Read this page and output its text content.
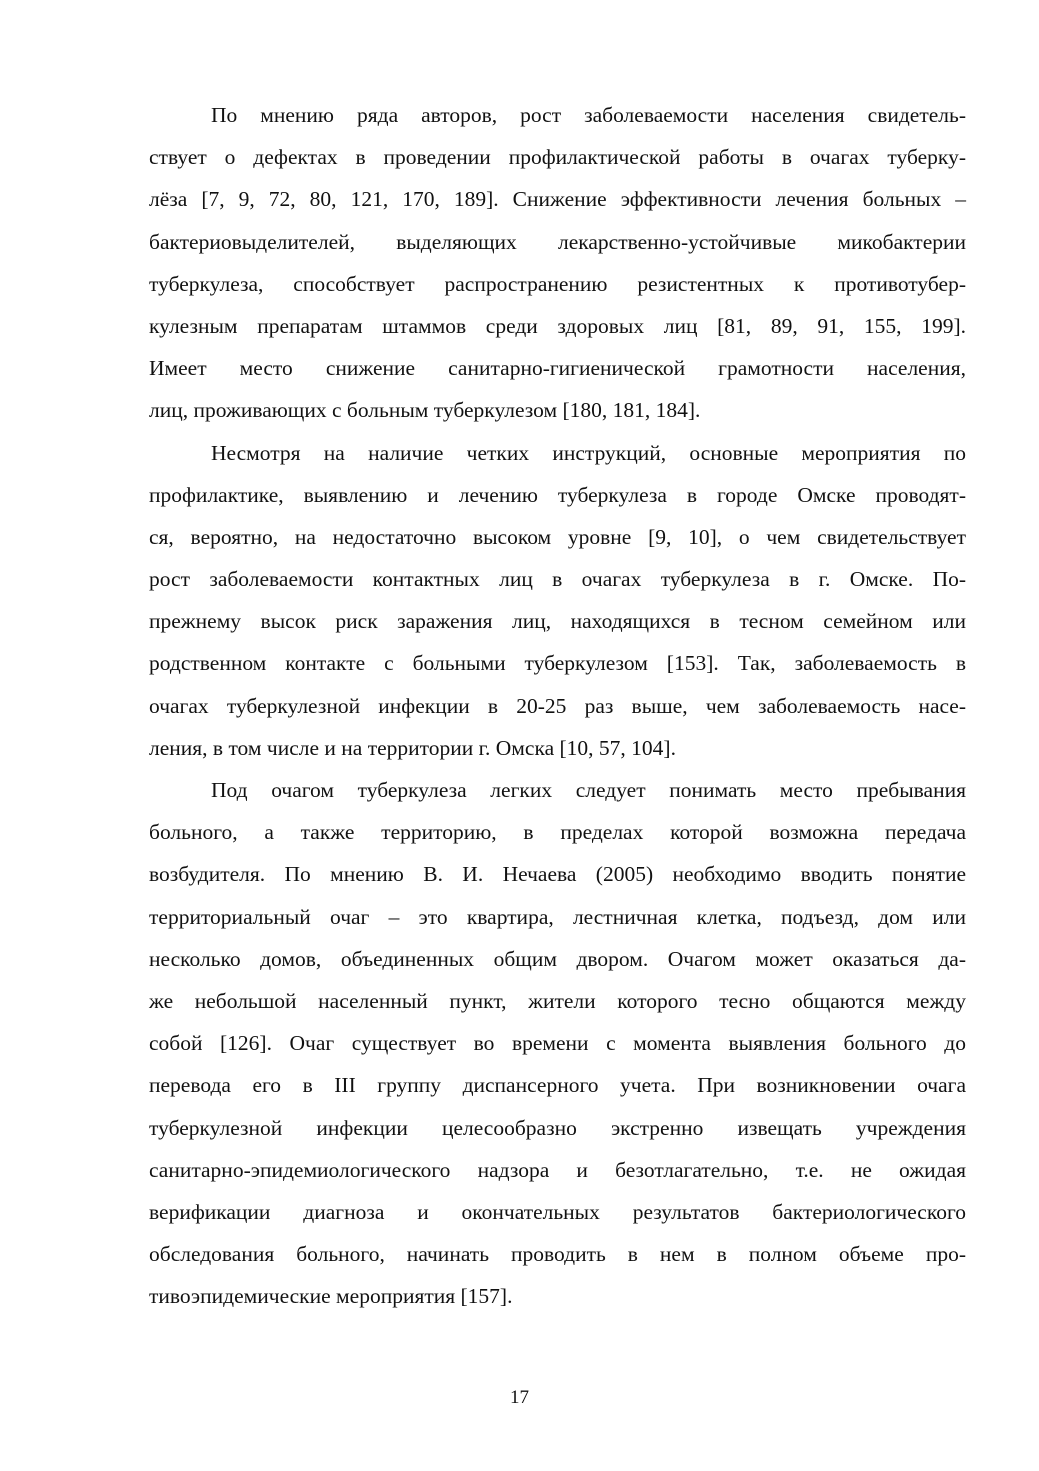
По мнению ряда авторов, рост заболеваемости населения свидетель-
ствует о дефектах в проведении профилактической работы в очагах туберку-
лёза [7, 9, 72, 80, 121, 170, 189]. Снижение эффективности лечения больных –
бактериовыделителей, выделяющих лекарственно-устойчивые микобактерии
туберкулеза, способствует распространению резистентных к противотубер-
кулезным препаратам штаммов среди здоровых лиц [81, 89, 91, 155, 199].
Имеет место снижение санитарно-гигиенической грамотности населения,
лиц, проживающих с больным туберкулезом [180, 181, 184].
Несмотря на наличие четких инструкций, основные мероприятия по
профилактике, выявлению и лечению туберкулеза в городе Омске проводят-
ся, вероятно, на недостаточно высоком уровне [9, 10], о чем свидетельствует
рост заболеваемости контактных лиц в очагах туберкулеза в г. Омске. По-
прежнему высок риск заражения лиц, находящихся в тесном семейном или
родственном контакте с больными туберкулезом [153]. Так, заболеваемость в
очагах туберкулезной инфекции в 20-25 раз выше, чем заболеваемость насе-
ления, в том числе и на территории г. Омска [10, 57, 104].
Под очагом туберкулеза легких следует понимать место пребывания
больного, а также территорию, в пределах которой возможна передача
возбудителя. По мнению В. И. Нечаева (2005) необходимо вводить понятие
территориальный очаг – это квартира, лестничная клетка, подъезд, дом или
несколько домов, объединенных общим двором. Очагом может оказаться да-
же небольшой населенный пункт, жители которого тесно общаются между
собой [126]. Очаг существует во времени с момента выявления больного до
перевода его в III группу диспансерного учета. При возникновении очага
туберкулезной инфекции целесообразно экстренно извещать учреждения
санитарно-эпидемиологического надзора и безотлагательно, т.е. не ожидая
верификации диагноза и окончательных результатов бактериологического
обследования больного, начинать проводить в нем в полном объеме про-
тивоэпидемические мероприятия [157].
17
